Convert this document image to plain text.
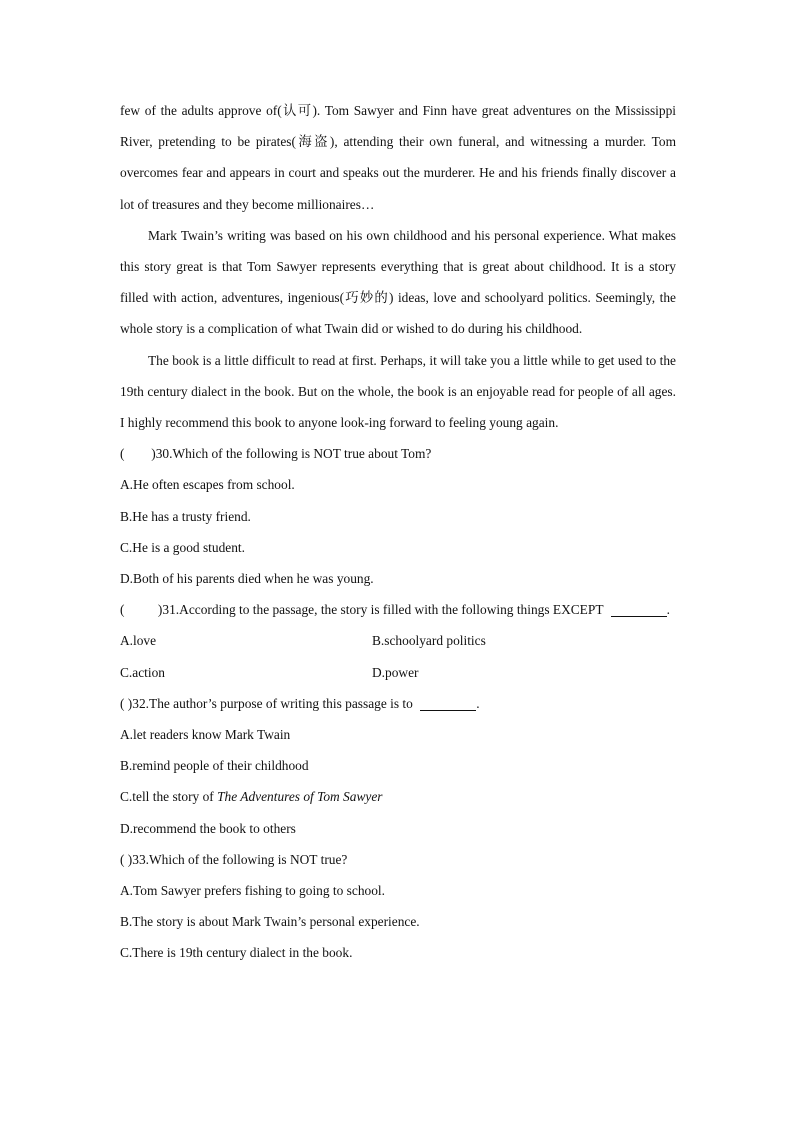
few of the adults approve of(认可). Tom Sawyer and Finn have great adventures on the Mississippi River, pretending to be pirates(海盗), attending their own funeral, and witnessing a murder. Tom overcomes fear and appears in court and speaks out the murderer. He and his friends finally discover a lot of treasures and they become millionaires…

Mark Twain’s writing was based on his own childhood and his personal experience. What makes this story great is that Tom Sawyer represents everything that is great about childhood. It is a story filled with action, adventures, ingenious(巧妙的) ideas, love and schoolyard politics. Seemingly, the whole story is a complication of what Twain did or wished to do during his childhood.

The book is a little difficult to read at first. Perhaps, it will take you a little while to get used to the 19th century dialect in the book. But on the whole, the book is an enjoyable read for people of all ages. I highly recommend this book to anyone look-ing forward to feeling young again.

(        )30.Which of the following is NOT true about Tom?

A.He often escapes from school.

B.He has a trusty friend.

C.He is a good student.

D.Both of his parents died when he was young.

(          )31.According to the passage, the story is filled with the following things EXCEPT	.

A.love	B.schoolyard politics
C.action	D.power

( )32.The author’s purpose of writing this passage is to	.

A.let readers know Mark Twain

B.remind people of their childhood

C.tell the story of The Adventures of Tom Sawyer

D.recommend the book to others

( )33.Which of the following is NOT true?

A.Tom Sawyer prefers fishing to going to school.

B.The story is about Mark Twain’s personal experience.

C.There is 19th century dialect in the book.
